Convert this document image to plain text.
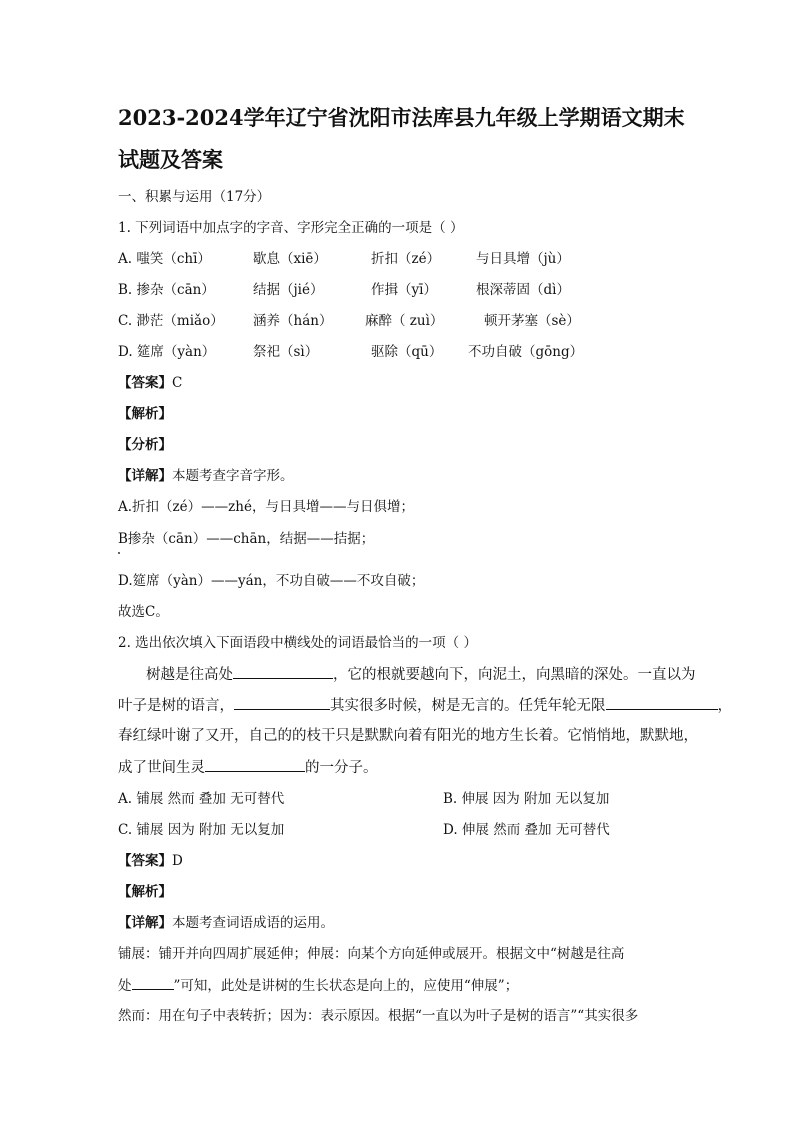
2023-2024学年辽宁省沈阳市法库县九年级上学期语文期末
试题及答案
一、积累与运用（17分）
1. 下列词语中加点字的字音、字形完全正确的一项是（ ）
A. 嗤笑（chī）	歇息（xiē）	折扣（zé）	与日具增（jù）
B. 掺杂（cān）	结据（jié）	作揖（yī）	根深蒂固（dì）
C. 渺茫（miǎo） 涵养（hán） 麻醉（ zuì）	顿开茅塞（sè）
D. 筵席（yàn）	祭祀（sì）	驱除（qū） 不功自破（gōng）
【答案】C
【解析】
【分析】
【详解】本题考查字音字形。
A.折扣（zé）——zhé，与日具增——与日俱增；
B掺杂（cān）——chān，结据——拮据；
D.筵席（yàn）——yán，不功自破——不攻自破；
故选C。
2. 选出依次填入下面语段中横线处的词语最恰当的一项（ ）
树越是往高处	，它的根就要越向下，向泥土，向黑暗的深处。一直以为
叶子是树的语言，	其实很多时候，树是无言的。任凭年轮无限	，
春红绿叶谢了又开，自己的的枝干只是默默向着有阳光的地方生长着。它悄悄地，默默地，
成了世间生灵	的一分子。
A. 铺展 然而 叠加 无可替代	B. 伸展 因为 附加 无以复加
C. 铺展 因为 附加 无以复加	D. 伸展 然而 叠加 无可替代
【答案】D
【解析】
【详解】本题考查词语成语的运用。
铺展：铺开并向四周扩展延伸；伸展：向某个方向延伸或展开。根据文中“树越是往高
处	”可知，此处是讲树的生长状态是向上的，应使用“伸展”；
然而：用在句子中表转折；因为：表示原因。根据“一直以为叶子是树的语言”“其实很多
